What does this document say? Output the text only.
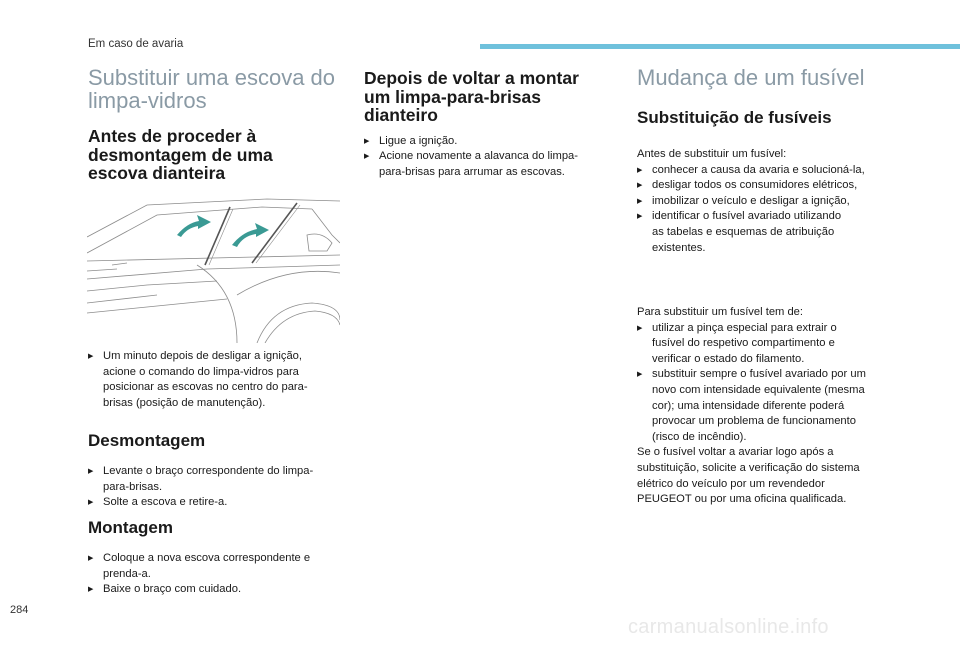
Em caso de avaria
Substituir uma escova do
limpa-vidros
Antes de proceder à
desmontagem de uma
escova dianteira
▶ Um minuto depois de desligar a ignição,
acione o comando do limpa-vidros para
posicionar as escovas no centro do para-
brisas (posição de manutenção).
Desmontagem
▶ Levante o braço correspondente do limpa-
para-brisas.
▶ Solte a escova e retire-a.
Montagem
▶ Coloque a nova escova correspondente e
prenda-a.
▶ Baixe o braço com cuidado.
Depois de voltar a montar
um limpa-para-brisas
dianteiro
▶ Ligue a ignição.
▶ Acione novamente a alavanca do limpa-
para-brisas para arrumar as escovas.
Mudança de um fusível
Substituição de fusíveis
Antes de substituir um fusível:
▶ conhecer a causa da avaria e solucioná-la,
▶ desligar todos os consumidores elétricos,
▶ imobilizar o veículo e desligar a ignição,
▶ identificar o fusível avariado utilizando
as tabelas e esquemas de atribuição
existentes.
Para substituir um fusível tem de:
▶ utilizar a pinça especial para extrair o
fusível do respetivo compartimento e
verificar o estado do filamento.
▶ substituir sempre o fusível avariado por um
novo com intensidade equivalente (mesma
cor); uma intensidade diferente poderá
provocar um problema de funcionamento
(risco de incêndio).
Se o fusível voltar a avariar logo após a
substituição, solicite a verificação do sistema
elétrico do veículo por um revendedor
PEUGEOT ou por uma oficina qualificada.
284
carmanualsonline.info
